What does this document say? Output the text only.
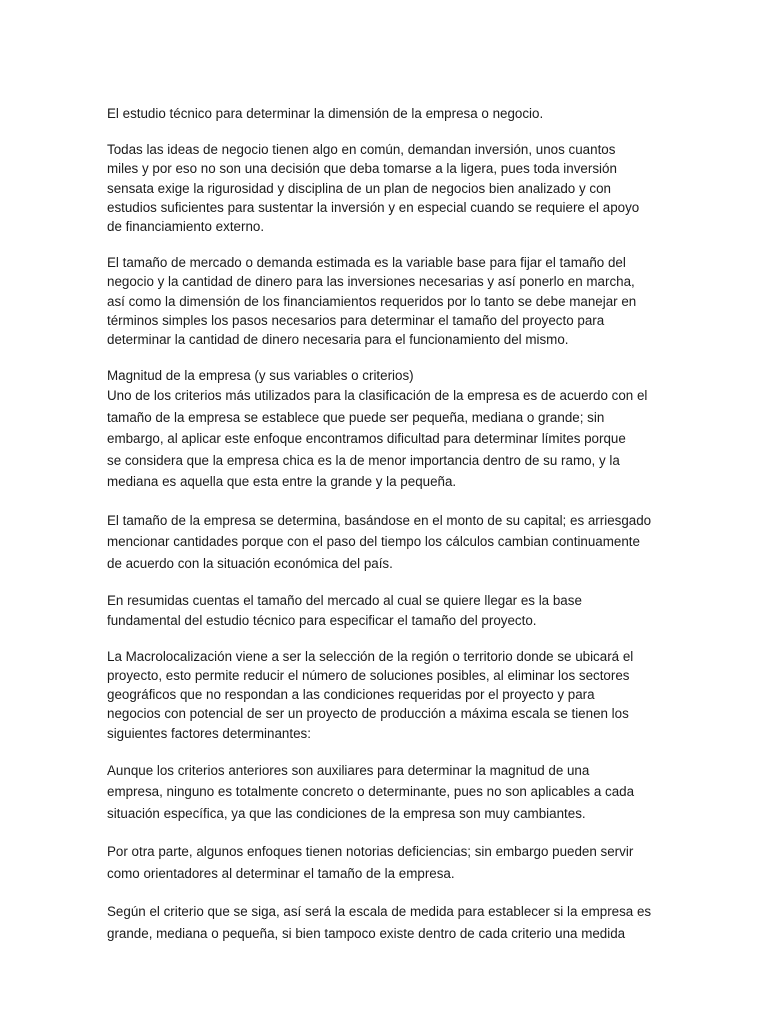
El estudio técnico para determinar la dimensión de la empresa o negocio.

Todas las ideas de negocio tienen algo en común, demandan inversión, unos cuantos
miles y por eso no son una decisión que deba tomarse a la ligera, pues toda inversión
sensata exige la rigurosidad y disciplina de un plan de negocios bien analizado y con
estudios suficientes para sustentar la inversión y en especial cuando se requiere el apoyo
de financiamiento externo.

El tamaño de mercado o demanda estimada es la variable base para fijar el tamaño del
negocio y la cantidad de dinero para las inversiones necesarias y así ponerlo en marcha,
así como la dimensión de los financiamientos requeridos por lo tanto se debe manejar en
términos simples los pasos necesarios para determinar el tamaño del proyecto para
determinar la cantidad de dinero necesaria para el funcionamiento del mismo.

Magnitud de la empresa (y sus variables o criterios)

Uno de los criterios más utilizados para la clasificación de la empresa es de acuerdo con el
tamaño de la empresa se establece que puede ser pequeña, mediana o grande; sin
embargo, al aplicar este enfoque encontramos dificultad para determinar límites porque
se considera que la empresa chica es la de menor importancia dentro de su ramo, y la
mediana es aquella que esta entre la grande y la pequeña.

El tamaño de la empresa se determina, basándose en el monto de su capital; es arriesgado
mencionar cantidades porque con el paso del tiempo los cálculos cambian continuamente
de acuerdo con la situación económica del país.

En resumidas cuentas el tamaño del mercado al cual se quiere llegar es la base
fundamental del estudio técnico para especificar el tamaño del proyecto.

La Macrolocalización viene a ser la selección de la región o territorio donde se ubicará el
proyecto, esto permite reducir el número de soluciones posibles, al eliminar los sectores
geográficos que no respondan a las condiciones requeridas por el proyecto y para
negocios con potencial de ser un proyecto de producción a máxima escala se tienen los
siguientes factores determinantes:

Aunque los criterios anteriores son auxiliares para determinar la magnitud de una
empresa, ninguno es totalmente concreto o determinante, pues no son aplicables a cada
situación específica, ya que las condiciones de la empresa son muy cambiantes.

Por otra parte, algunos enfoques tienen notorias deficiencias; sin embargo pueden servir
como orientadores al determinar el tamaño de la empresa.

Según el criterio que se siga, así será la escala de medida para establecer si la empresa es
grande, mediana o pequeña, si bien tampoco existe dentro de cada criterio una medida
